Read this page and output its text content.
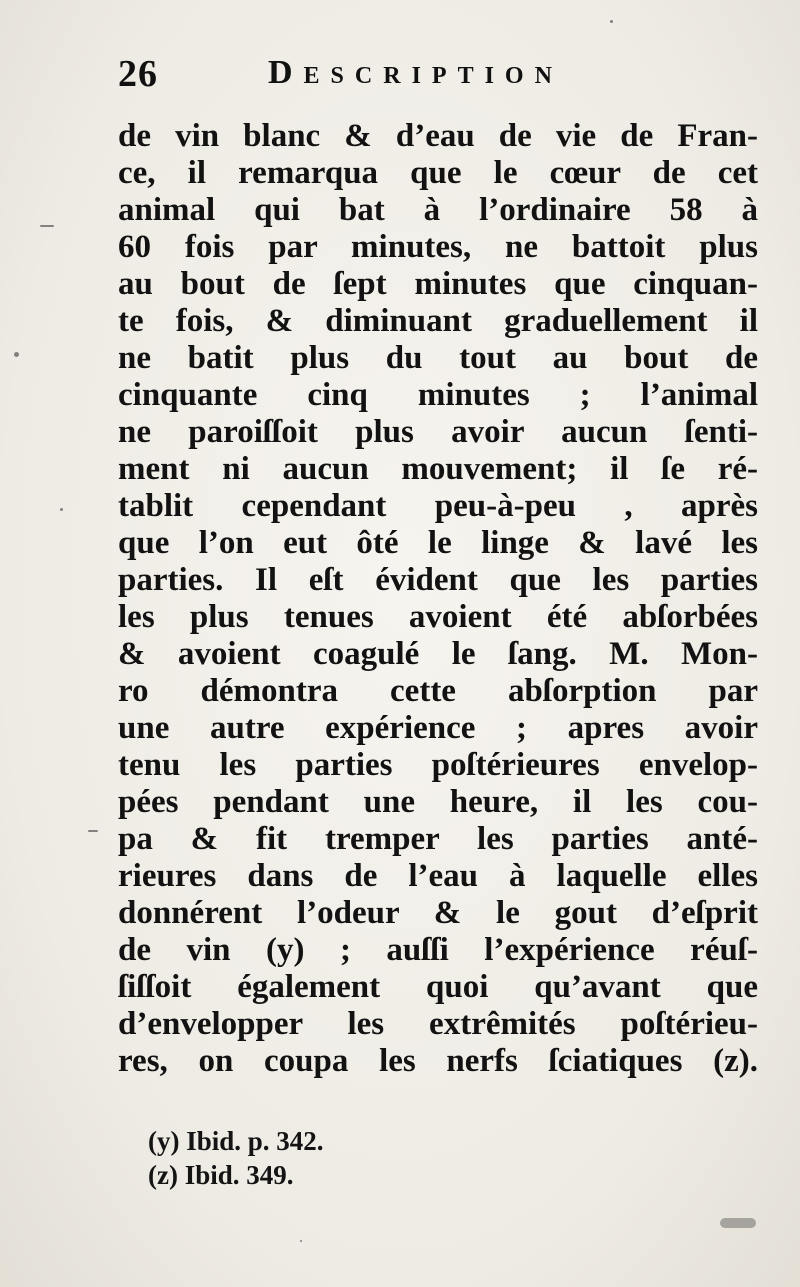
26	Description
de vin blanc & d’eau de vie de Fran-
ce, il remarqua que le cœur de cet
animal qui bat à l’ordinaire 58 à
60 fois par minutes, ne battoit plus
au bout de ſept minutes que cinquan-
te fois, & diminuant graduellement il
ne batit plus du tout au bout de
cinquante cinq minutes ; l’animal
ne paroiſſoit plus avoir aucun ſenti-
ment ni aucun mouvement; il ſe ré-
tablit cependant peu-à-peu , après
que l’on eut ôté le linge & lavé les
parties. Il eſt évident que les parties
les plus tenues avoient été abſorbées
& avoient coagulé le ſang. M. Mon-
ro démontra cette abſorption par
une autre expérience ; apres avoir
tenu les parties poſtérieures envelop-
pées pendant une heure, il les cou-
pa & fit tremper les parties anté-
rieures dans de l’eau à laquelle elles
donnérent l’odeur & le gout d’eſprit
de vin (y) ; auſſi l’expérience réuſ-
ſiſſoit également quoi qu’avant que
d’envelopper les extrêmités poſtérieu-
res, on coupa les nerfs ſciatiques (z).
(y) Ibid. p. 342.
(z) Ibid. 349.
